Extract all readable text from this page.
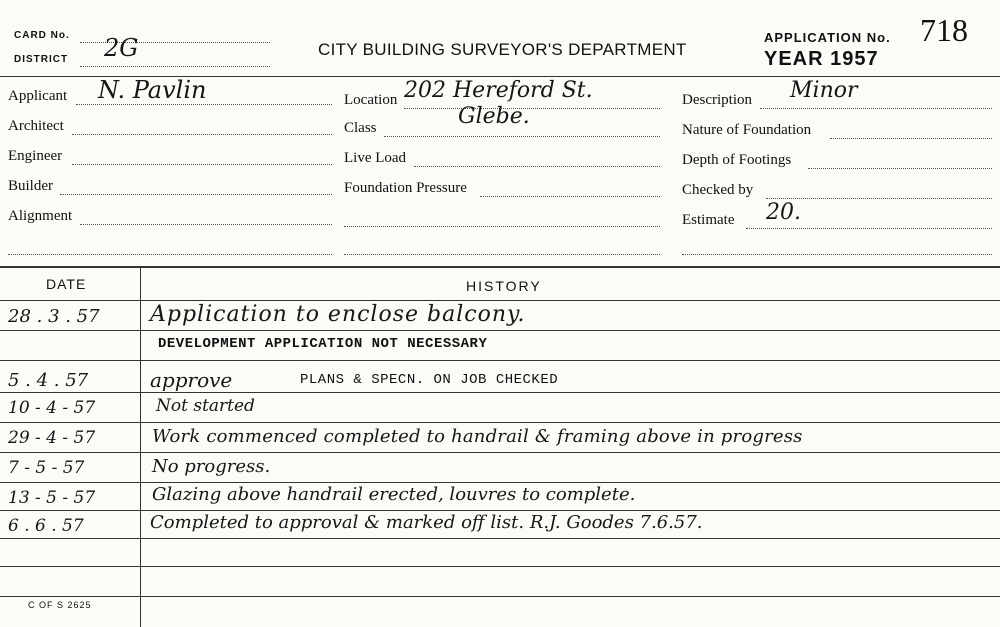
CARD No.
DISTRICT 2G	CITY BUILDING SURVEYOR'S DEPARTMENT
APPLICATION No. 718
YEAR 1957
Applicant N. Pavlin
Architect
Engineer
Builder
Alignment
Location 202 Hereford St.
Class	Glebe.
Live Load
Foundation Pressure
Description Minor
Nature of Foundation
Depth of Footings
Checked by
Estimate 20.
DATE	HISTORY
28 . 3 . 57 Application to enclose balcony.
DEVELOPMENT APPLICATION NOT NECESSARY
5 . 4 . 57	approve	PLANS & SPECN. ON JOB CHECKED
10 - 4 - 57	Not started
29 - 4 - 57	Work commenced completed to handrail & framing above in progress
7 - 5 - 57	No progress.
13 - 5 - 57	Glazing above handrail erected, louvres to complete.
6 . 6 . 57	Completed to approval & marked off list. R.J. Goodes 7.6.57.
C OF S 2625
